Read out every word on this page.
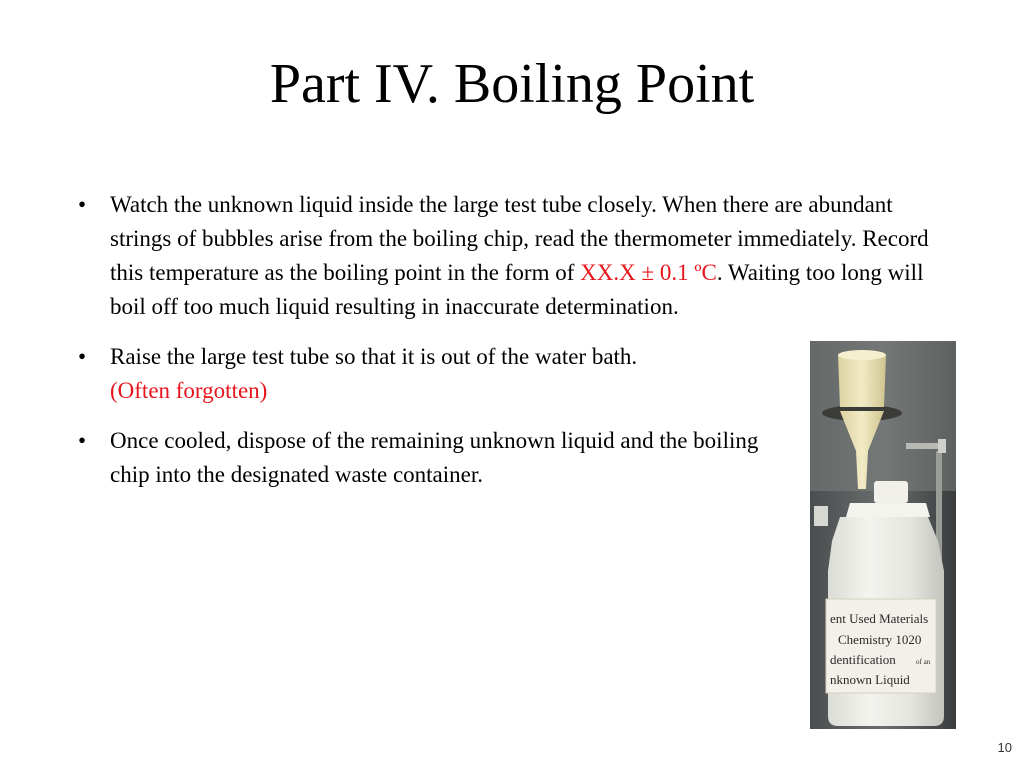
Part IV. Boiling Point
• Watch the unknown liquid inside the large test tube closely. When there are abundant strings of bubbles arise from the boiling chip, read the thermometer immediately. Record this temperature as the boiling point in the form of XX.X ± 0.1 ºC. Waiting too long will boil off too much liquid resulting in inaccurate determination.
• Raise the large test tube so that it is out of the water bath.
(Often forgotten)
• Once cooled, dispose of the remaining unknown liquid and the boiling chip into the designated waste container.
ent Used Materials
Chemistry 1020
dentification	of an
nknown Liquid
10
